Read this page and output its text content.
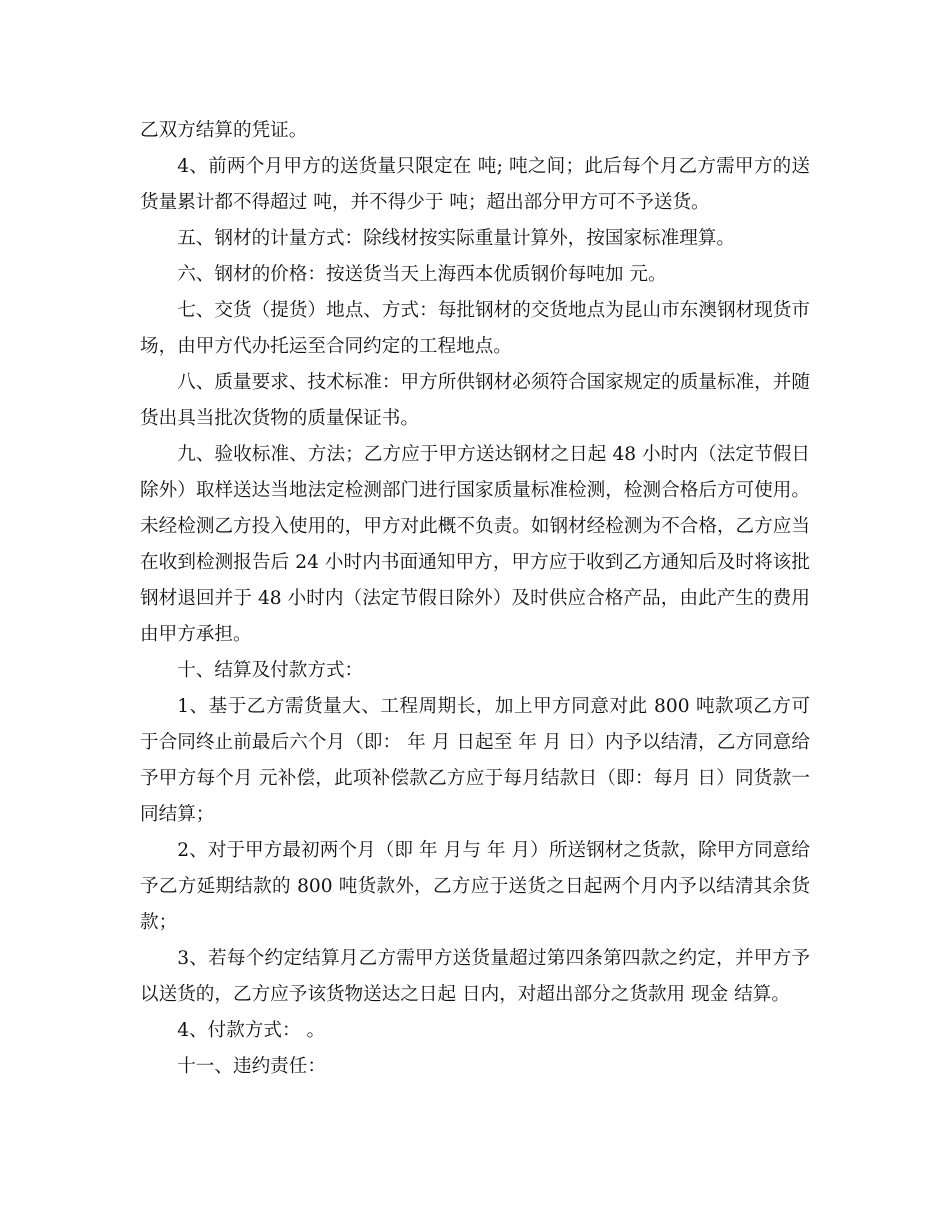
乙双方结算的凭证。

4、前两个月甲方的送货量只限定在 吨; 吨之间；此后每个月乙方需甲方的送货量累计都不得超过 吨，并不得少于 吨；超出部分甲方可不予送货。

五、钢材的计量方式：除线材按实际重量计算外，按国家标准理算。

六、钢材的价格：按送货当天上海西本优质钢价每吨加 元。

七、交货（提货）地点、方式：每批钢材的交货地点为昆山市东澳钢材现货市场，由甲方代办托运至合同约定的工程地点。

八、质量要求、技术标准：甲方所供钢材必须符合国家规定的质量标准，并随货出具当批次货物的质量保证书。

九、验收标准、方法；乙方应于甲方送达钢材之日起 48 小时内（法定节假日除外）取样送达当地法定检测部门进行国家质量标准检测，检测合格后方可使用。未经检测乙方投入使用的，甲方对此概不负责。如钢材经检测为不合格，乙方应当在收到检测报告后 24 小时内书面通知甲方，甲方应于收到乙方通知后及时将该批钢材退回并于 48 小时内（法定节假日除外）及时供应合格产品，由此产生的费用由甲方承担。

十、结算及付款方式：

1、基于乙方需货量大、工程周期长，加上甲方同意对此 800 吨款项乙方可于合同终止前最后六个月（即： 年 月 日起至 年 月 日）内予以结清，乙方同意给予甲方每个月 元补偿，此项补偿款乙方应于每月结款日（即：每月 日）同货款一同结算；

2、对于甲方最初两个月（即 年 月与 年 月）所送钢材之货款，除甲方同意给予乙方延期结款的 800 吨货款外，乙方应于送货之日起两个月内予以结清其余货款；

3、若每个约定结算月乙方需甲方送货量超过第四条第四款之约定，并甲方予以送货的，乙方应予该货物送达之日起 日内，对超出部分之货款用 现金 结算。

4、付款方式： 。

十一、违约责任：
